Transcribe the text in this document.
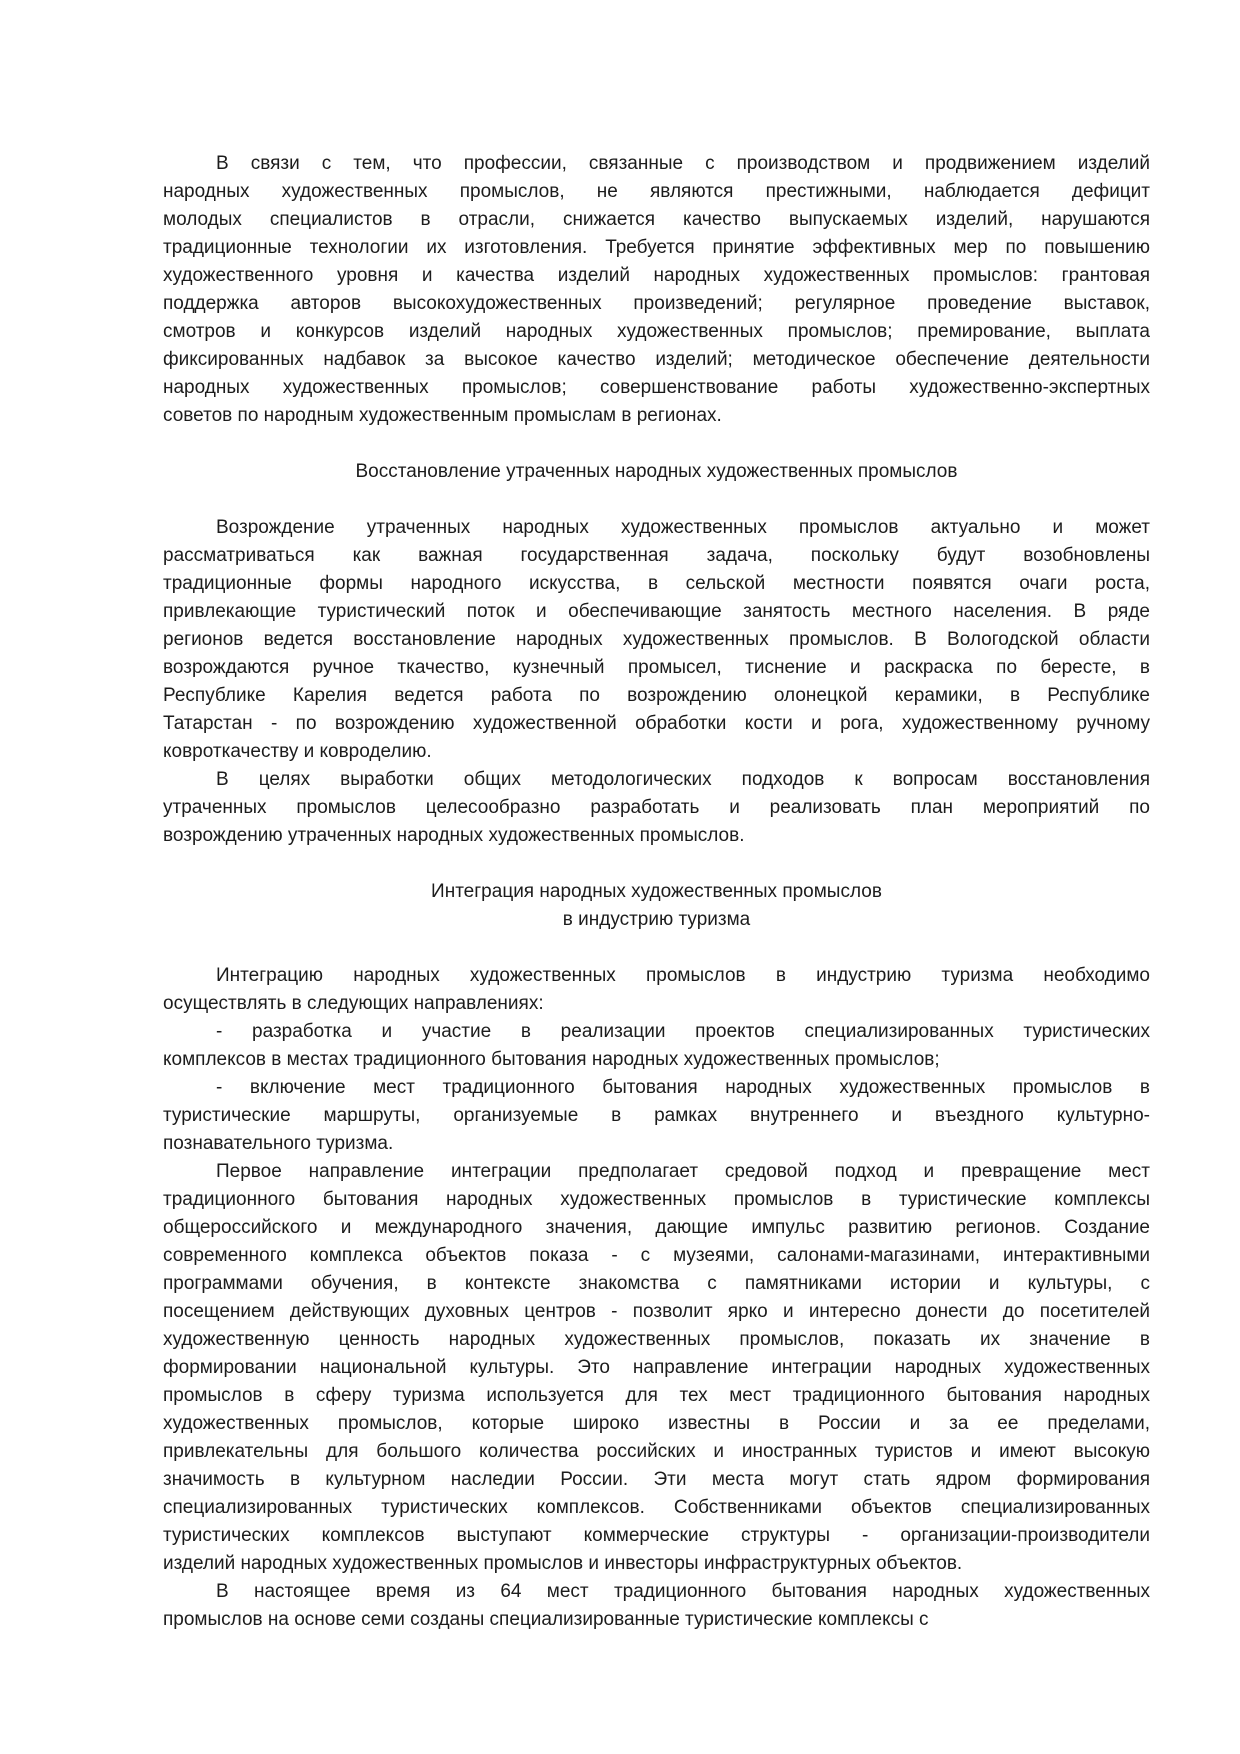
В связи с тем, что профессии, связанные с производством и продвижением изделий
народных художественных промыслов, не являются престижными, наблюдается дефицит
молодых специалистов в отрасли, снижается качество выпускаемых изделий, нарушаются
традиционные технологии их изготовления. Требуется принятие эффективных мер по повышению
художественного уровня и качества изделий народных художественных промыслов: грантовая
поддержка авторов высокохудожественных произведений; регулярное проведение выставок,
смотров и конкурсов изделий народных художественных промыслов; премирование, выплата
фиксированных надбавок за высокое качество изделий; методическое обеспечение деятельности
народных художественных промыслов; совершенствование работы художественно-экспертных
советов по народным художественным промыслам в регионах.
Восстановление утраченных народных художественных промыслов
Возрождение утраченных народных художественных промыслов актуально и может
рассматриваться как важная государственная задача, поскольку будут возобновлены
традиционные формы народного искусства, в сельской местности появятся очаги роста,
привлекающие туристический поток и обеспечивающие занятость местного населения. В ряде
регионов ведется восстановление народных художественных промыслов. В Вологодской области
возрождаются ручное ткачество, кузнечный промысел, тиснение и раскраска по бересте, в
Республике Карелия ведется работа по возрождению олонецкой керамики, в Республике
Татарстан - по возрождению художественной обработки кости и рога, художественному ручному
ковроткачеству и ковроделию.
В целях выработки общих методологических подходов к вопросам восстановления
утраченных промыслов целесообразно разработать и реализовать план мероприятий по
возрождению утраченных народных художественных промыслов.
Интеграция народных художественных промыслов
в индустрию туризма
Интеграцию народных художественных промыслов в индустрию туризма необходимо
осуществлять в следующих направлениях:
- разработка и участие в реализации проектов специализированных туристических
комплексов в местах традиционного бытования народных художественных промыслов;
- включение мест традиционного бытования народных художественных промыслов в
туристические маршруты, организуемые в рамках внутреннего и въездного культурно-
познавательного туризма.
Первое направление интеграции предполагает средовой подход и превращение мест
традиционного бытования народных художественных промыслов в туристические комплексы
общероссийского и международного значения, дающие импульс развитию регионов. Создание
современного комплекса объектов показа - с музеями, салонами-магазинами, интерактивными
программами обучения, в контексте знакомства с памятниками истории и культуры, с
посещением действующих духовных центров - позволит ярко и интересно донести до посетителей
художественную ценность народных художественных промыслов, показать их значение в
формировании национальной культуры. Это направление интеграции народных художественных
промыслов в сферу туризма используется для тех мест традиционного бытования народных
художественных промыслов, которые широко известны в России и за ее пределами,
привлекательны для большого количества российских и иностранных туристов и имеют высокую
значимость в культурном наследии России. Эти места могут стать ядром формирования
специализированных туристических комплексов. Собственниками объектов специализированных
туристических комплексов выступают коммерческие структуры - организации-производители
изделий народных художественных промыслов и инвесторы инфраструктурных объектов.
В настоящее время из 64 мест традиционного бытования народных художественных
промыслов на основе семи созданы специализированные туристические комплексы с
